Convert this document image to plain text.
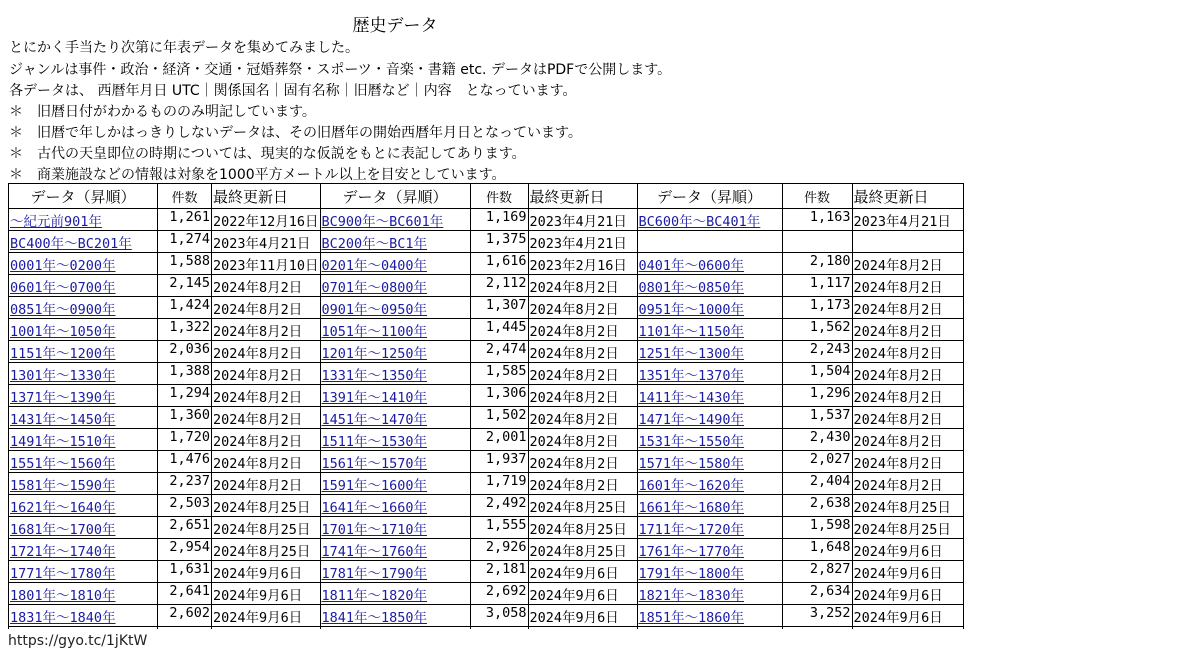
歴史データ
とにかく手当たり次第に年表データを集めてみました。
ジャンルは事件・政治・経済・交通・冠婚葬祭・スポーツ・音楽・書籍 etc. データはPDFで公開します。
各データは、 西暦年月日 UTC｜関係国名｜固有名称｜旧暦など｜内容　となっています。
＊ 旧暦日付がわかるもののみ明記しています。
＊ 旧暦で年しかはっきりしないデータは、その旧暦年の開始西暦年月日となっています。
＊ 古代の天皇即位の時期については、現実的な仮説をもとに表記してあります。
＊ 商業施設などの情報は対象を1000平方メートル以上を目安としています。
データ（昇順）	件数	最終更新日	データ（昇順）	件数	最終更新日	データ（昇順）	件数	最終更新日
～紀元前901年	1,261	2022年12月16日	BC900年～BC601年	1,169	2023年4月21日	BC600年～BC401年	1,163	2023年4月21日
BC400年～BC201年	1,274	2023年4月21日	BC200年～BC1年	1,375	2023年4月21日			
0001年～0200年	1,588	2023年11月10日	0201年～0400年	1,616	2023年2月16日	0401年～0600年	2,180	2024年8月2日
0601年～0700年	2,145	2024年8月2日	0701年～0800年	2,112	2024年8月2日	0801年～0850年	1,117	2024年8月2日
0851年～0900年	1,424	2024年8月2日	0901年～0950年	1,307	2024年8月2日	0951年～1000年	1,173	2024年8月2日
1001年～1050年	1,322	2024年8月2日	1051年～1100年	1,445	2024年8月2日	1101年～1150年	1,562	2024年8月2日
1151年～1200年	2,036	2024年8月2日	1201年～1250年	2,474	2024年8月2日	1251年～1300年	2,243	2024年8月2日
1301年～1330年	1,388	2024年8月2日	1331年～1350年	1,585	2024年8月2日	1351年～1370年	1,504	2024年8月2日
1371年～1390年	1,294	2024年8月2日	1391年～1410年	1,306	2024年8月2日	1411年～1430年	1,296	2024年8月2日
1431年～1450年	1,360	2024年8月2日	1451年～1470年	1,502	2024年8月2日	1471年～1490年	1,537	2024年8月2日
1491年～1510年	1,720	2024年8月2日	1511年～1530年	2,001	2024年8月2日	1531年～1550年	2,430	2024年8月2日
1551年～1560年	1,476	2024年8月2日	1561年～1570年	1,937	2024年8月2日	1571年～1580年	2,027	2024年8月2日
1581年～1590年	2,237	2024年8月2日	1591年～1600年	1,719	2024年8月2日	1601年～1620年	2,404	2024年8月2日
1621年～1640年	2,503	2024年8月25日	1641年～1660年	2,492	2024年8月25日	1661年～1680年	2,638	2024年8月25日
1681年～1700年	2,651	2024年8月25日	1701年～1710年	1,555	2024年8月25日	1711年～1720年	1,598	2024年8月25日
1721年～1740年	2,954	2024年8月25日	1741年～1760年	2,926	2024年8月25日	1761年～1770年	1,648	2024年9月6日
1771年～1780年	1,631	2024年9月6日	1781年～1790年	2,181	2024年9月6日	1791年～1800年	2,827	2024年9月6日
1801年～1810年	2,641	2024年9月6日	1811年～1820年	2,692	2024年9月6日	1821年～1830年	2,634	2024年9月6日
1831年～1840年	2,602	2024年9月6日	1841年～1850年	3,058	2024年9月6日	1851年～1860年	3,252	2024年9月6日

https://gyo.tc/1jKtW
